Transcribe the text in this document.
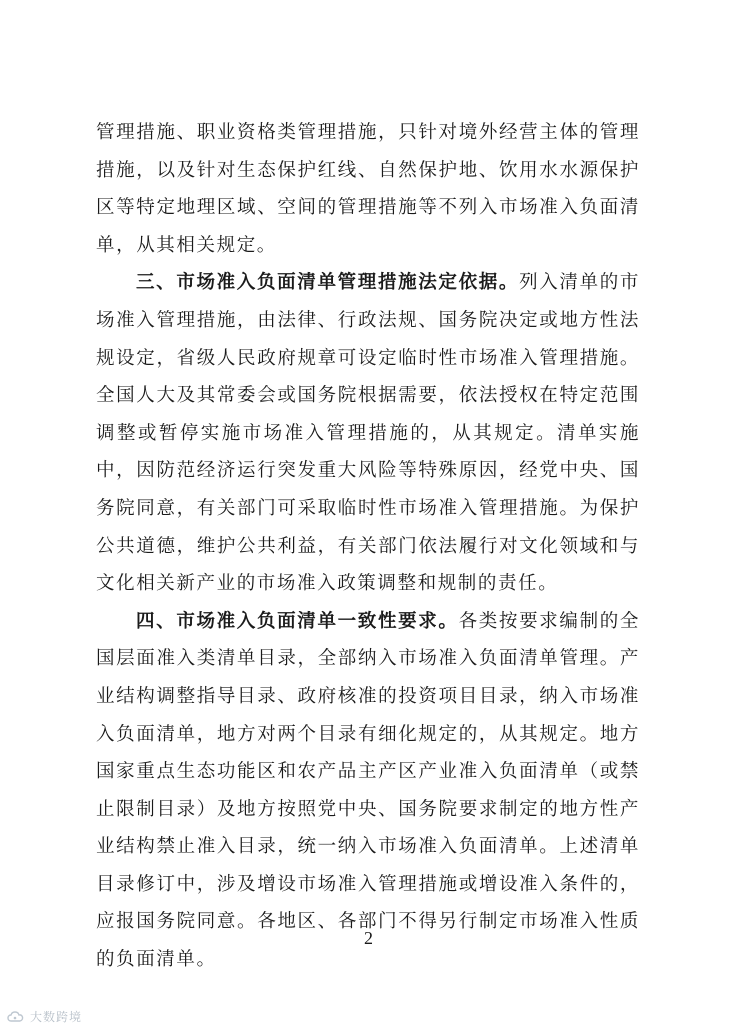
管理措施、职业资格类管理措施，只针对境外经营主体的管理措施，以及针对生态保护红线、自然保护地、饮用水水源保护区等特定地理区域、空间的管理措施等不列入市场准入负面清单，从其相关规定。

三、市场准入负面清单管理措施法定依据。列入清单的市场准入管理措施，由法律、行政法规、国务院决定或地方性法规设定，省级人民政府规章可设定临时性市场准入管理措施。全国人大及其常委会或国务院根据需要，依法授权在特定范围调整或暂停实施市场准入管理措施的，从其规定。清单实施中，因防范经济运行突发重大风险等特殊原因，经党中央、国务院同意，有关部门可采取临时性市场准入管理措施。为保护公共道德，维护公共利益，有关部门依法履行对文化领域和与文化相关新产业的市场准入政策调整和规制的责任。

四、市场准入负面清单一致性要求。各类按要求编制的全国层面准入类清单目录，全部纳入市场准入负面清单管理。产业结构调整指导目录、政府核准的投资项目目录，纳入市场准入负面清单，地方对两个目录有细化规定的，从其规定。地方国家重点生态功能区和农产品主产区产业准入负面清单（或禁止限制目录）及地方按照党中央、国务院要求制定的地方性产业结构禁止准入目录，统一纳入市场准入负面清单。上述清单目录修订中，涉及增设市场准入管理措施或增设准入条件的，应报国务院同意。各地区、各部门不得另行制定市场准入性质的负面清单。

2
大数跨境
